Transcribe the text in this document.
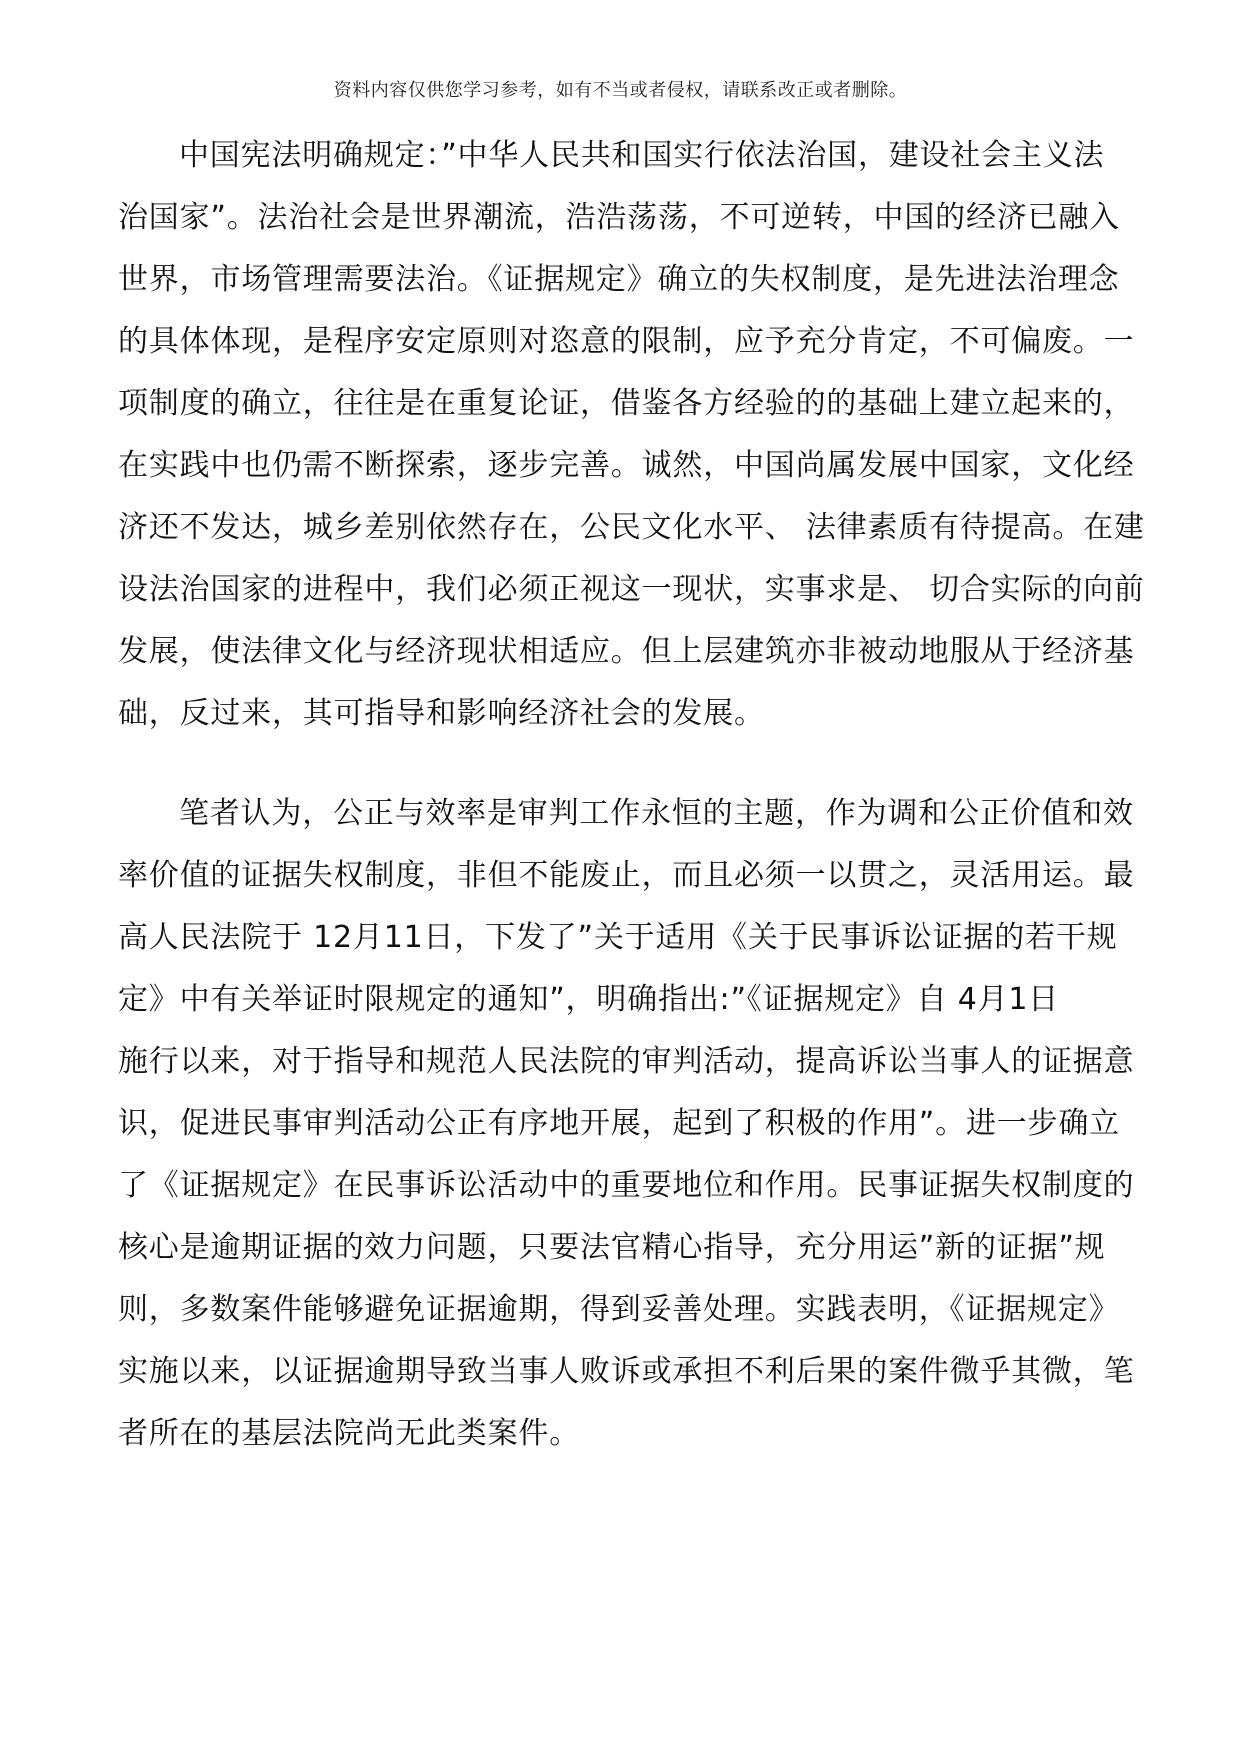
资料内容仅供您学习参考，如有不当或者侵权，请联系改正或者删除。
中国宪法明确规定：”中华人民共和国实行依法治国，建设社会主义法
治国家”。法治社会是世界潮流，浩浩荡荡，不可逆转，中国的经济已融入
世界，市场管理需要法治。《证据规定》确立的失权制度，是先进法治理念
的具体体现，是程序安定原则对恣意的限制，应予充分肯定，不可偏废。一
项制度的确立，往往是在重复论证，借鉴各方经验的的基础上建立起来的，
在实践中也仍需不断探索，逐步完善。诚然，中国尚属发展中国家，文化经
济还不发达，城乡差别依然存在，公民文化水平、 法律素质有待提高。在建
设法治国家的进程中，我们必须正视这一现状，实事求是、 切合实际的向前
发展，使法律文化与经济现状相适应。但上层建筑亦非被动地服从于经济基
础，反过来，其可指导和影响经济社会的发展。
笔者认为，公正与效率是审判工作永恒的主题，作为调和公正价值和效
率价值的证据失权制度，非但不能废止，而且必须一以贯之，灵活用运。最
高人民法院于 12月11日，下发了”关于适用《关于民事诉讼证据的若干规
定》中有关举证时限规定的通知”，明确指出:”《证据规定》自 4月1日
施行以来，对于指导和规范人民法院的审判活动，提高诉讼当事人的证据意
识，促进民事审判活动公正有序地开展，起到了积极的作用”。进一步确立
了《证据规定》在民事诉讼活动中的重要地位和作用。民事证据失权制度的
核心是逾期证据的效力问题，只要法官精心指导，充分用运”新的证据”规
则，多数案件能够避免证据逾期，得到妥善处理。实践表明，《证据规定》
实施以来，以证据逾期导致当事人败诉或承担不利后果的案件微乎其微，笔
者所在的基层法院尚无此类案件。
